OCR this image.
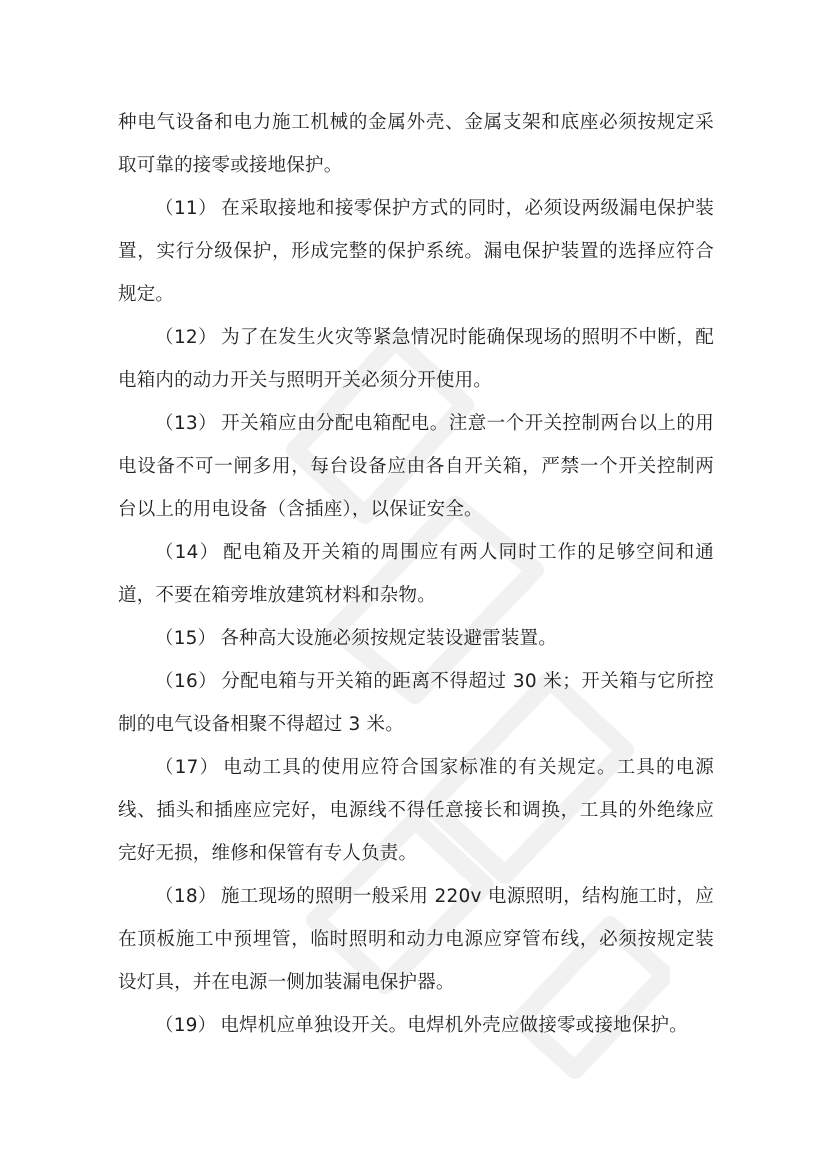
种电气设备和电力施工机械的金属外壳、金属支架和底座必须按规定采取可靠的接零或接地保护。

（11） 在采取接地和接零保护方式的同时，必须设两级漏电保护装置，实行分级保护，形成完整的保护系统。漏电保护装置的选择应符合规定。

（12） 为了在发生火灾等紧急情况时能确保现场的照明不中断，配电箱内的动力开关与照明开关必须分开使用。

（13） 开关箱应由分配电箱配电。注意一个开关控制两台以上的用电设备不可一闸多用，每台设备应由各自开关箱，严禁一个开关控制两台以上的用电设备（含插座），以保证安全。

（14） 配电箱及开关箱的周围应有两人同时工作的足够空间和通道，不要在箱旁堆放建筑材料和杂物。

（15） 各种高大设施必须按规定装设避雷装置。

（16） 分配电箱与开关箱的距离不得超过 30 米；开关箱与它所控制的电气设备相聚不得超过 3 米。

（17） 电动工具的使用应符合国家标准的有关规定。工具的电源线、插头和插座应完好，电源线不得任意接长和调换，工具的外绝缘应完好无损，维修和保管有专人负责。

（18） 施工现场的照明一般采用 220v 电源照明，结构施工时，应在顶板施工中预埋管，临时照明和动力电源应穿管布线，必须按规定装设灯具，并在电源一侧加装漏电保护器。

（19） 电焊机应单独设开关。电焊机外壳应做接零或接地保护。
